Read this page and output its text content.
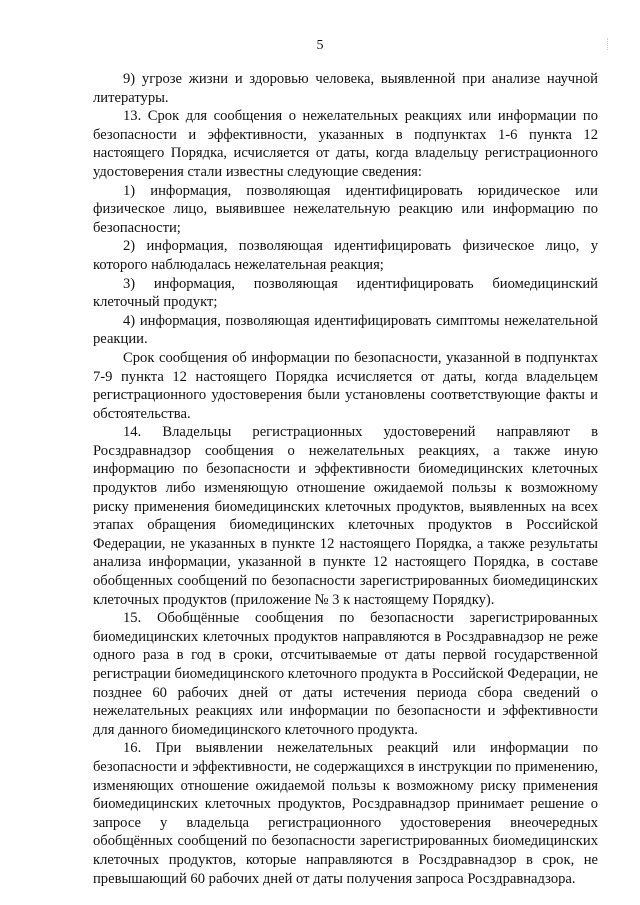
5

9) угрозе жизни и здоровью человека, выявленной при анализе научной литературы.

13. Срок для сообщения о нежелательных реакциях или информации по безопасности и эффективности, указанных в подпунктах 1-6 пункта 12 настоящего Порядка, исчисляется от даты, когда владельцу регистрационного удостоверения стали известны следующие сведения:

1) информация, позволяющая идентифицировать юридическое или физическое лицо, выявившее нежелательную реакцию или информацию по безопасности;

2) информация, позволяющая идентифицировать физическое лицо, у которого наблюдалась нежелательная реакция;

3) информация, позволяющая идентифицировать биомедицинский клеточный продукт;

4) информация, позволяющая идентифицировать симптомы нежелательной реакции.

Срок сообщения об информации по безопасности, указанной в подпунктах 7-9 пункта 12 настоящего Порядка исчисляется от даты, когда владельцем регистрационного удостоверения были установлены соответствующие факты и обстоятельства.

14. Владельцы регистрационных удостоверений направляют в Росздравнадзор сообщения о нежелательных реакциях, а также иную информацию по безопасности и эффективности биомедицинских клеточных продуктов либо изменяющую отношение ожидаемой пользы к возможному риску применения биомедицинских клеточных продуктов, выявленных на всех этапах обращения биомедицинских клеточных продуктов в Российской Федерации, не указанных в пункте 12 настоящего Порядка, а также результаты анализа информации, указанной в пункте 12 настоящего Порядка, в составе обобщенных сообщений по безопасности зарегистрированных биомедицинских клеточных продуктов (приложение № 3 к настоящему Порядку).

15. Обобщённые сообщения по безопасности зарегистрированных биомедицинских клеточных продуктов направляются в Росздравнадзор не реже одного раза в год в сроки, отсчитываемые от даты первой государственной регистрации биомедицинского клеточного продукта в Российской Федерации, не позднее 60 рабочих дней от даты истечения периода сбора сведений о нежелательных реакциях или информации по безопасности и эффективности для данного биомедицинского клеточного продукта.

16. При выявлении нежелательных реакций или информации по безопасности и эффективности, не содержащихся в инструкции по применению, изменяющих отношение ожидаемой пользы к возможному риску применения биомедицинских клеточных продуктов, Росздравнадзор принимает решение о запросе у владельца регистрационного удостоверения внеочередных обобщённых сообщений по безопасности зарегистрированных биомедицинских клеточных продуктов, которые направляются в Росздравнадзор в срок, не превышающий 60 рабочих дней от даты получения запроса Росздравнадзора.
